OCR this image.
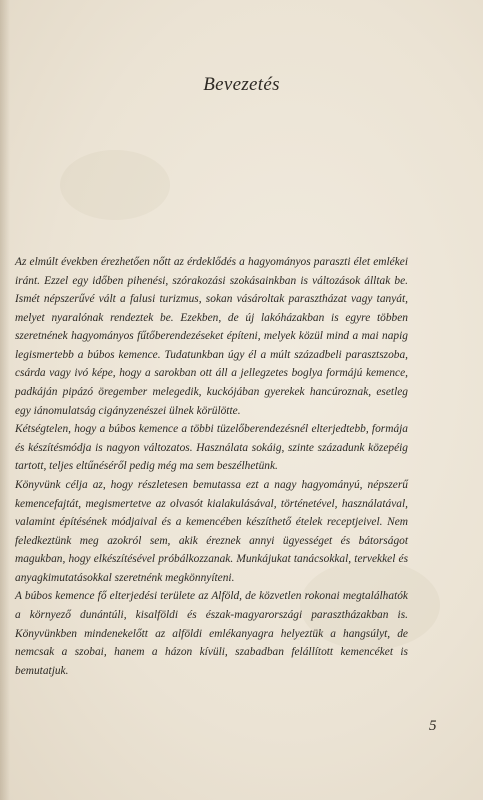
Bevezetés

Az elmúlt években érezhetően nőtt az érdeklődés a hagyományos paraszti élet emlékei iránt. Ezzel egy időben pihenési, szórakozási szokásainkban is változások álltak be. Ismét népszerűvé vált a falusi turizmus, sokan vásároltak parasztházat vagy tanyát, melyet nyaralónak rendeztek be. Ezekben, de új lakóházakban is egyre többen szeretnének hagyományos fűtőberendezéseket építeni, melyek közül mind a mai napig legismertebb a búbos kemence. Tudatunkban úgy él a múlt századbeli parasztszoba, csárda vagy ivó képe, hogy a sarokban ott áll a jellegzetes boglya formájú kemence, padkáján pipázó öregember melegedik, kuckójában gyerekek hancúroznak, esetleg egy iánomulatság cigányzenészei ülnek körülötte.

Kétségtelen, hogy a búbos kemence a többi tüzelőberendezésnél elterjedtebb, formája és készítésmódja is nagyon változatos. Használata sokáig, szinte századunk közepéig tartott, teljes eltűnéséről pedig még ma sem beszélhetünk.

Könyvünk célja az, hogy részletesen bemutassa ezt a nagy hagyományú, népszerű kemencefajtát, megismertetve az olvasót kialakulásával, történetével, használatával, valamint építésének módjaival és a kemencében készíthető ételek receptjeivel. Nem feledkeztünk meg azokról sem, akik éreznek annyi ügyességet és bátorságot magukban, hogy elkészítésével próbálkozzanak. Munkájukat tanácsokkal, tervekkel és anyagkimutatásokkal szeretnénk megkönnyíteni.

A búbos kemence fő elterjedési területe az Alföld, de közvetlen rokonai megtalálhatók a környező dunántúli, kisalföldi és észak-magyarországi parasztházakban is. Könyvünkben mindenekelőtt az alföldi emlékanyagra helyeztük a hangsúlyt, de nemcsak a szobai, hanem a házon kívüli, szabadban felállított kemencéket is bemutatjuk.

5
